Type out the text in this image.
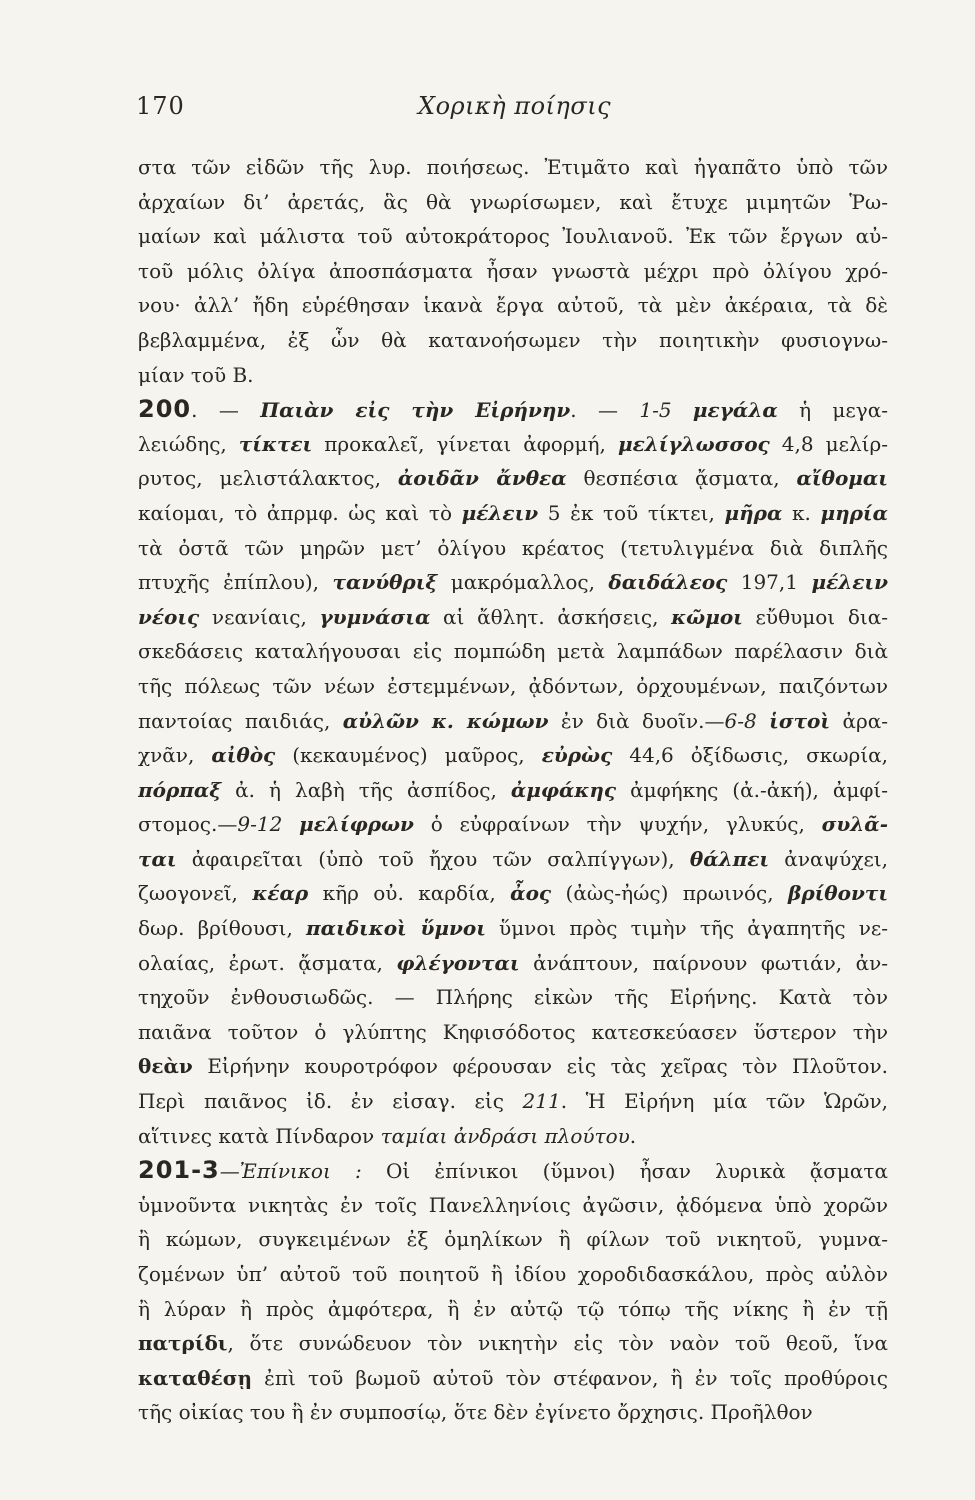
170	Χορικὴ ποίησις
στα τῶν εἰδῶν τῆς λυρ. ποιήσεως. Ἐτιμᾶτο καὶ ἠγαπᾶτο ὑπὸ τῶν
ἀρχαίων δι’ ἀρετάς, ἃς θὰ γνωρίσωμεν, καὶ ἔτυχε μιμητῶν Ῥω-
μαίων καὶ μάλιστα τοῦ αὐτοκράτορος Ἰουλιανοῦ. Ἐκ τῶν ἔργων αὐ-
τοῦ μόλις ὀλίγα ἀποσπάσματα ἦσαν γνωστὰ μέχρι πρὸ ὀλίγου χρό-
νου· ἀλλ’ ἤδη εὑρέθησαν ἱκανὰ ἔργα αὐτοῦ, τὰ μὲν ἀκέραια, τὰ δὲ
βεβλαμμένα, ἐξ ὧν θὰ κατανοήσωμεν τὴν ποιητικὴν φυσιογνω-
μίαν τοῦ Β.
200. — Παιὰν εἰς τὴν Εἰρήνην. — 1-5 μεγάλα ἡ μεγα-
λειώδης, τίκτει προκαλεῖ, γίνεται ἀφορμή, μελίγλωσσος 4,8 μελίρ-
ρυτος, μελιστάλακτος, ἀοιδᾶν ἄνθεα θεσπέσια ᾄσματα, αἴθομαι
καίομαι, τὸ ἀπρμφ. ὡς καὶ τὸ μέλειν 5 ἐκ τοῦ τίκτει, μῆρα κ. μηρία
τὰ ὀστᾶ τῶν μηρῶν μετ’ ὀλίγου κρέατος (τετυλιγμένα διὰ διπλῆς
πτυχῆς ἐπίπλου), τανύθριξ μακρόμαλλος, δαιδάλεος 197,1 μέλειν
νέοις νεανίαις, γυμνάσια αἱ ἄθλητ. ἀσκήσεις, κῶμοι εὔθυμοι δια-
σκεδάσεις καταλήγουσαι εἰς πομπώδη μετὰ λαμπάδων παρέλασιν διὰ
τῆς πόλεως τῶν νέων ἐστεμμένων, ᾀδόντων, ὀρχουμένων, παιζόντων
παντοίας παιδιάς, αὐλῶν κ. κώμων ἐν διὰ δυοῖν.—6-8 ἱστοὶ ἀρα-
χνᾶν, αἰθὸς (κεκαυμένος) μαῦρος, εὐρὼς 44,6 ὀξίδωσις, σκωρία,
πόρπαξ ἀ. ἡ λαβὴ τῆς ἀσπίδος, ἀμφάκης ἀμφήκης (ἀ.-ἀκή), ἀμφί-
στομος.—9-12 μελίφρων ὁ εὐφραίνων τὴν ψυχήν, γλυκύς, συλᾶ-
ται ἀφαιρεῖται (ὑπὸ τοῦ ἤχου τῶν σαλπίγγων), θάλπει ἀναψύχει,
ζωογονεῖ, κέαρ κῆρ οὐ. καρδία, ἆος (ἀὼς-ἠώς) πρωινός, βρίθοντι
δωρ. βρίθουσι, παιδικοὶ ὕμνοι ὕμνοι πρὸς τιμὴν τῆς ἀγαπητῆς νε-
ολαίας, ἐρωτ. ᾄσματα, φλέγονται ἀνάπτουν, παίρνουν φωτιάν, ἀν-
τηχοῦν ἐνθουσιωδῶς. — Πλήρης εἰκὼν τῆς Εἰρήνης. Κατὰ τὸν
παιᾶνα τοῦτον ὁ γλύπτης Κηφισόδοτος κατεσκεύασεν ὕστερον τὴν
θεὰν Εἰρήνην κουροτρόφον φέρουσαν εἰς τὰς χεῖρας τὸν Πλοῦτον.
Περὶ παιᾶνος ἰδ. ἐν εἰσαγ. εἰς 211. Ἡ Εἰρήνη μία τῶν Ὡρῶν,
αἵτινες κατὰ Πίνδαρον ταμίαι ἀνδράσι πλούτου.
201-3—Ἐπίνικοι : Οἱ ἐπίνικοι (ὕμνοι) ἦσαν λυρικὰ ᾄσματα
ὑμνοῦντα νικητὰς ἐν τοῖς Πανελληνίοις ἀγῶσιν, ᾀδόμενα ὑπὸ χορῶν
ἢ κώμων, συγκειμένων ἐξ ὁμηλίκων ἢ φίλων τοῦ νικητοῦ, γυμνα-
ζομένων ὑπ’ αὐτοῦ τοῦ ποιητοῦ ἢ ἰδίου χοροδιδασκάλου, πρὸς αὐλὸν
ἢ λύραν ἢ πρὸς ἀμφότερα, ἢ ἐν αὐτῷ τῷ τόπῳ τῆς νίκης ἢ ἐν τῇ
πατρίδι, ὅτε συνώδευον τὸν νικητὴν εἰς τὸν ναὸν τοῦ θεοῦ, ἵνα
καταθέσῃ ἐπὶ τοῦ βωμοῦ αὐτοῦ τὸν στέφανον, ἢ ἐν τοῖς προθύροις
τῆς οἰκίας του ἢ ἐν συμποσίῳ, ὅτε δὲν ἐγίνετο ὄρχησις. Προῆλθον
